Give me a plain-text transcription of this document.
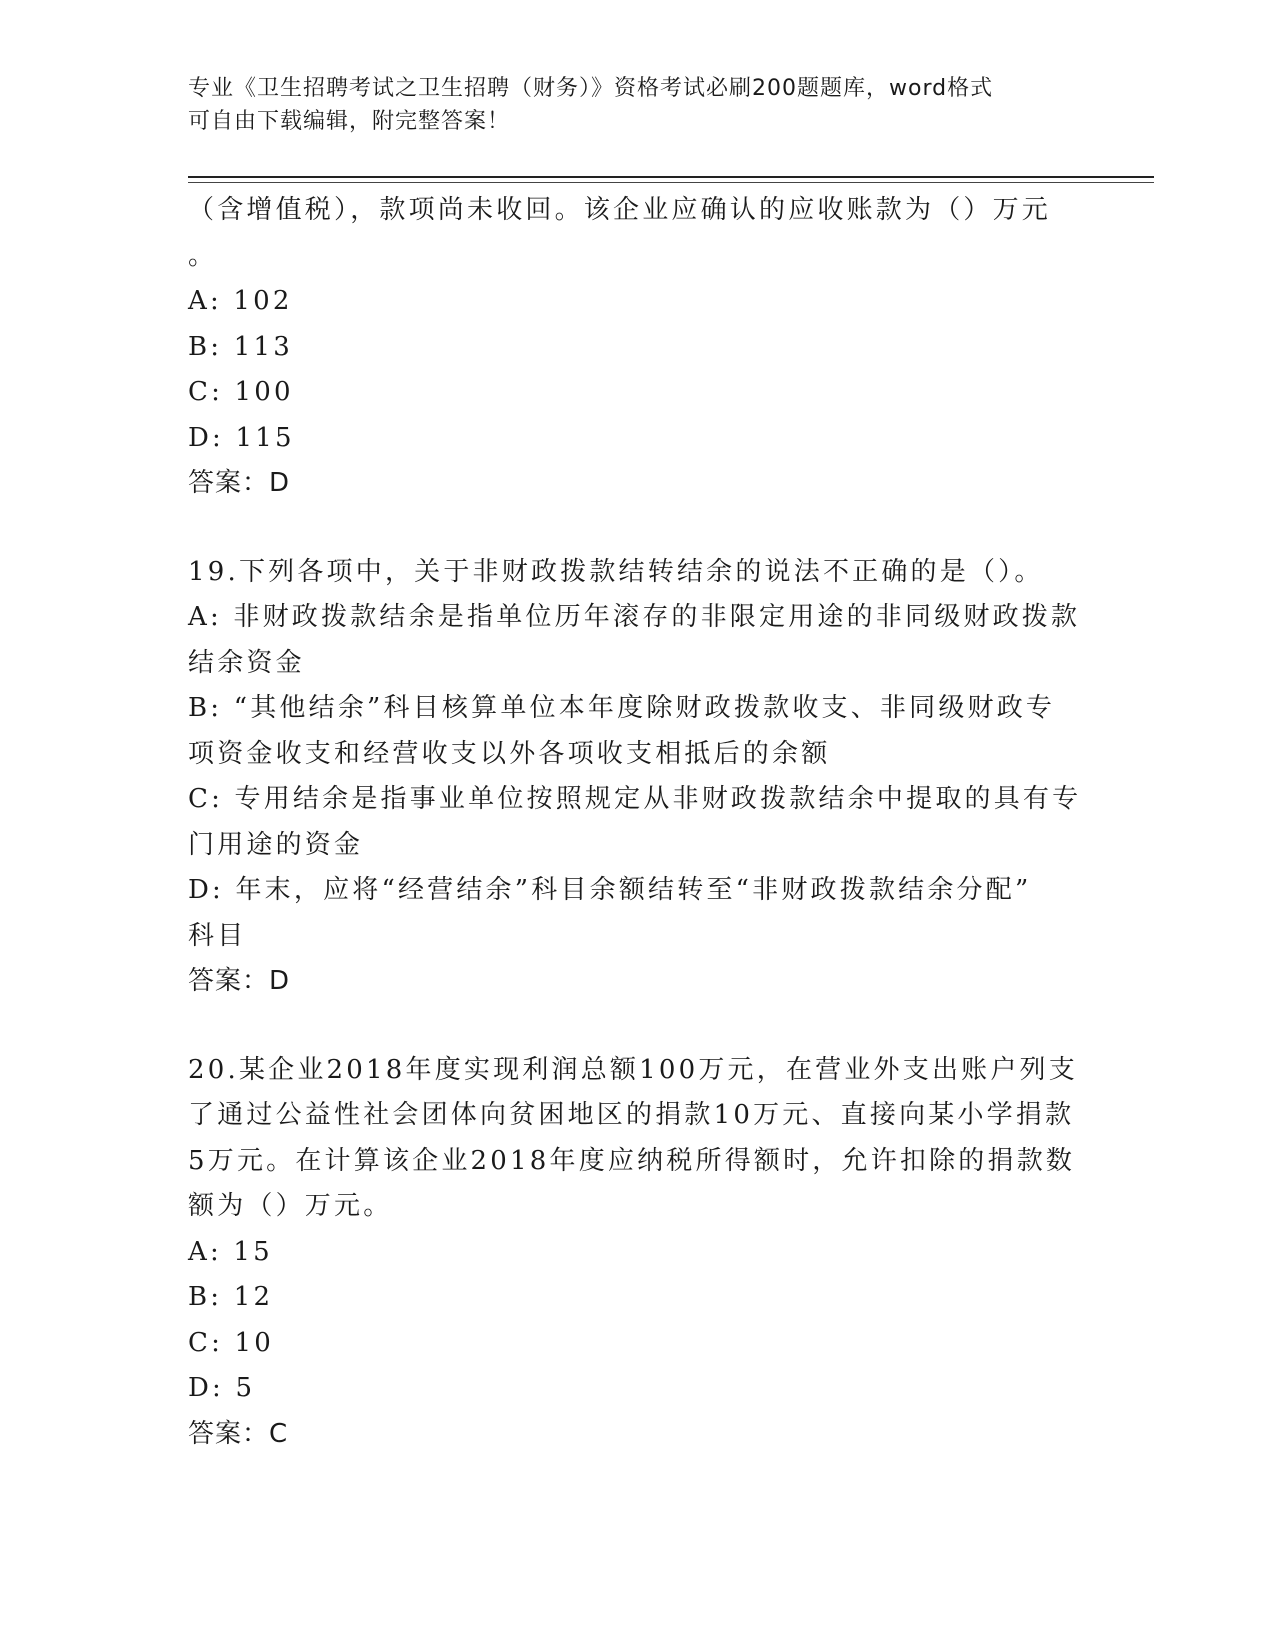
专业《卫生招聘考试之卫生招聘（财务）》资格考试必刷200题题库，word格式
可自由下载编辑，附完整答案！
（含增值税），款项尚未收回。该企业应确认的应收账款为（）万元
。
A: 102
B: 113
C: 100
D: 115
答案：D
19.下列各项中，关于非财政拨款结转结余的说法不正确的是（）。
A: 非财政拨款结余是指单位历年滚存的非限定用途的非同级财政拨款
结余资金
B: “其他结余”科目核算单位本年度除财政拨款收支、非同级财政专
项资金收支和经营收支以外各项收支相抵后的余额
C: 专用结余是指事业单位按照规定从非财政拨款结余中提取的具有专
门用途的资金
D: 年末，应将“经营结余”科目余额结转至“非财政拨款结余分配”
科目
答案：D
20.某企业2018年度实现利润总额100万元，在营业外支出账户列支
了通过公益性社会团体向贫困地区的捐款10万元、直接向某小学捐款
5万元。在计算该企业2018年度应纳税所得额时，允许扣除的捐款数
额为（）万元。
A: 15
B: 12
C: 10
D: 5
答案：C
